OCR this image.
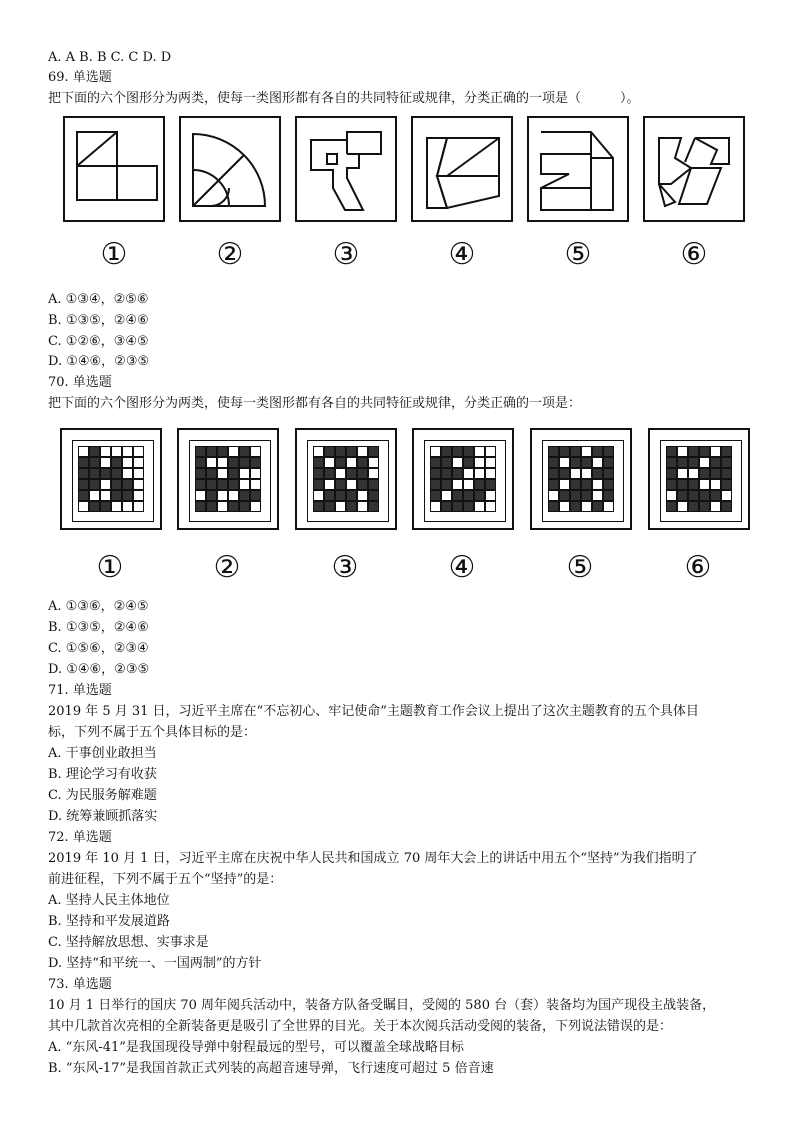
A. A B. B C. C D. D
69. 单选题
把下面的六个图形分为两类，使每一类图形都有各自的共同特征或规律，分类正确的一项是（　　　）。
①	②	③	④	⑤	⑥
A. ①③④，②⑤⑥
B. ①③⑤，②④⑥
C. ①②⑥，③④⑤
D. ①④⑥，②③⑤
70. 单选题
把下面的六个图形分为两类，使每一类图形都有各自的共同特征或规律，分类正确的一项是：
①	②	③	④	⑤	⑥
A. ①③⑥，②④⑤
B. ①③⑤，②④⑥
C. ①⑤⑥，②③④
D. ①④⑥，②③⑤
71. 单选题
2019 年 5 月 31 日，习近平主席在“不忘初心、牢记使命”主题教育工作会议上提出了这次主题教育的五个具体目
标，下列不属于五个具体目标的是：
A. 干事创业敢担当
B. 理论学习有收获
C. 为民服务解难题
D. 统筹兼顾抓落实
72. 单选题
2019 年 10 月 1 日，习近平主席在庆祝中华人民共和国成立 70 周年大会上的讲话中用五个“坚持”为我们指明了
前进征程，下列不属于五个“坚持”的是：
A. 坚持人民主体地位
B. 坚持和平发展道路
C. 坚持解放思想、实事求是
D. 坚持“和平统一、一国两制”的方针
73. 单选题
10 月 1 日举行的国庆 70 周年阅兵活动中，装备方队备受瞩目，受阅的 580 台（套）装备均为国产现役主战装备，
其中几款首次亮相的全新装备更是吸引了全世界的目光。关于本次阅兵活动受阅的装备，下列说法错误的是：
A. “东风-41”是我国现役导弹中射程最远的型号，可以覆盖全球战略目标
B. “东风-17”是我国首款正式列装的高超音速导弹，飞行速度可超过 5 倍音速
